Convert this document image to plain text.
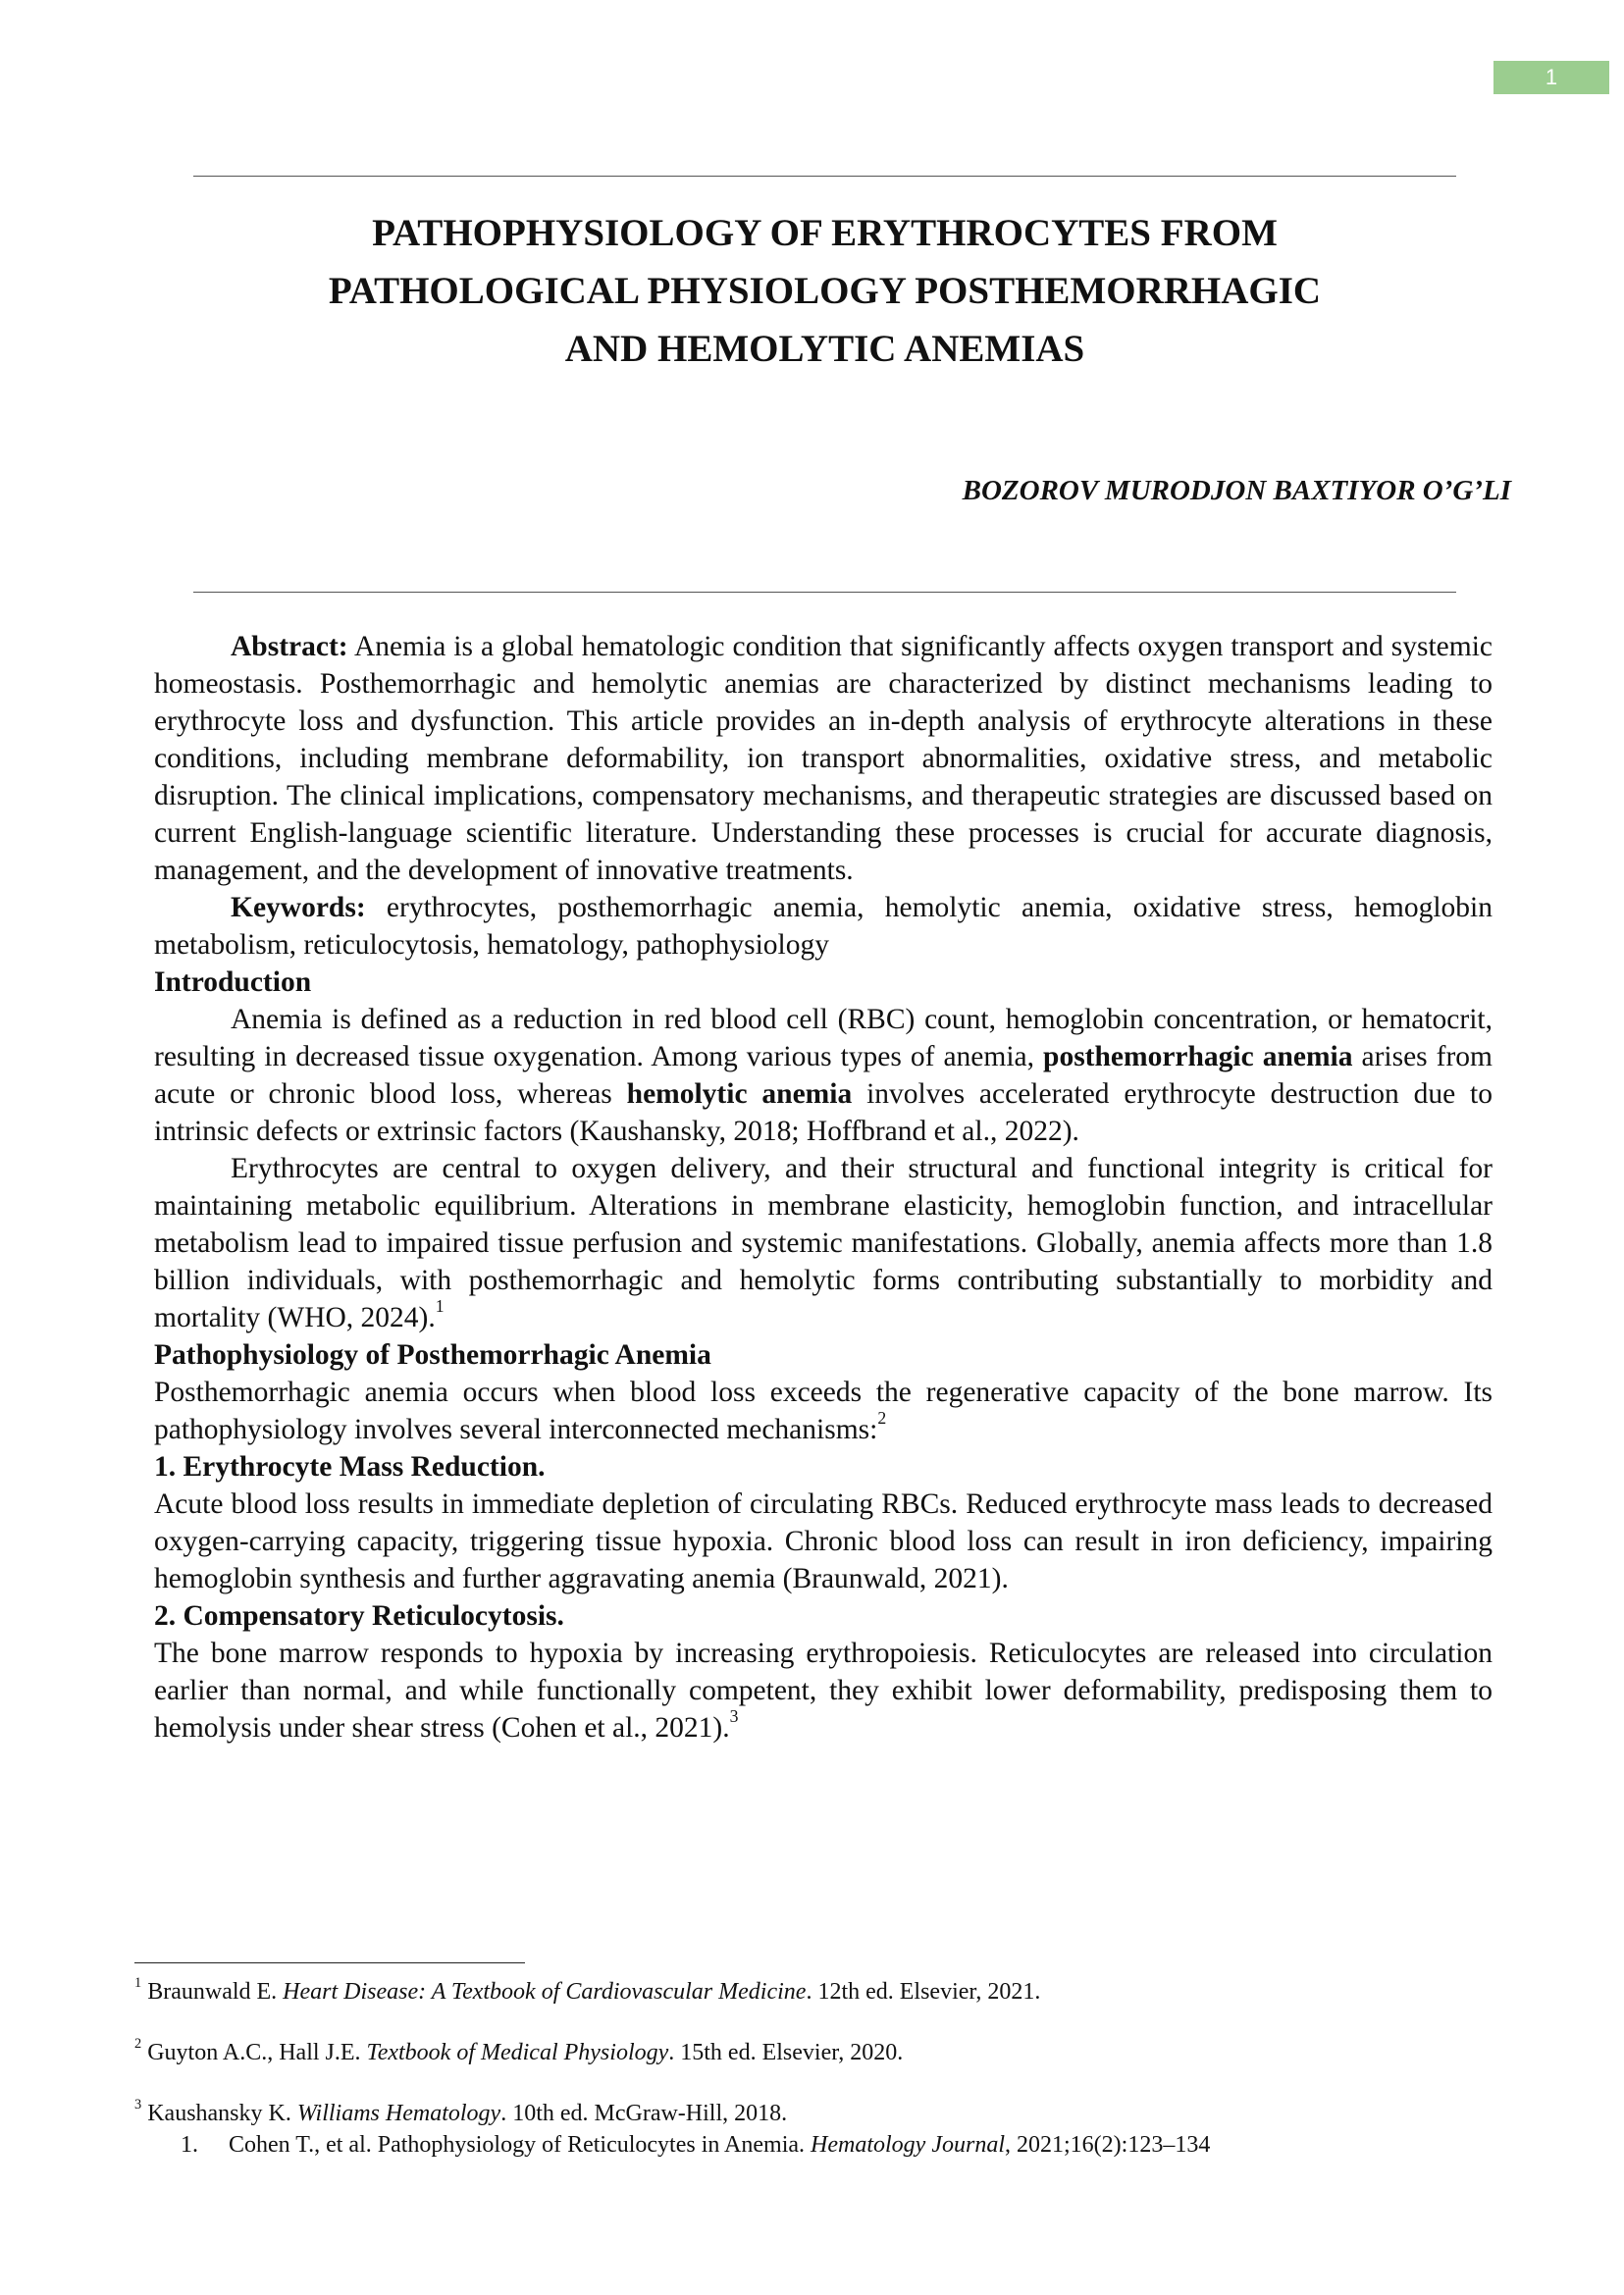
1
PATHOPHYSIOLOGY OF ERYTHROCYTES FROM
PATHOLOGICAL PHYSIOLOGY POSTHEMORRHAGIC
AND HEMOLYTIC ANEMIAS
BOZOROV MURODJON BAXTIYOR O’G’LI

Abstract: Anemia is a global hematologic condition that significantly affects oxygen transport and systemic homeostasis. Posthemorrhagic and hemolytic anemias are characterized by distinct mechanisms leading to erythrocyte loss and dysfunction. This article provides an in-depth analysis of erythrocyte alterations in these conditions, including membrane deformability, ion transport abnormalities, oxidative stress, and metabolic disruption. The clinical implications, compensatory mechanisms, and therapeutic strategies are discussed based on current English-language scientific literature. Understanding these processes is crucial for accurate diagnosis, management, and the development of innovative treatments.

Keywords: erythrocytes, posthemorrhagic anemia, hemolytic anemia, oxidative stress, hemoglobin metabolism, reticulocytosis, hematology, pathophysiology

Introduction

Anemia is defined as a reduction in red blood cell (RBC) count, hemoglobin concentration, or hematocrit, resulting in decreased tissue oxygenation. Among various types of anemia, posthemorrhagic anemia arises from acute or chronic blood loss, whereas hemolytic anemia involves accelerated erythrocyte destruction due to intrinsic defects or extrinsic factors (Kaushansky, 2018; Hoffbrand et al., 2022).

Erythrocytes are central to oxygen delivery, and their structural and functional integrity is critical for maintaining metabolic equilibrium. Alterations in membrane elasticity, hemoglobin function, and intracellular metabolism lead to impaired tissue perfusion and systemic manifestations. Globally, anemia affects more than 1.8 billion individuals, with posthemorrhagic and hemolytic forms contributing substantially to morbidity and mortality (WHO, 2024).$^1$

Pathophysiology of Posthemorrhagic Anemia

Posthemorrhagic anemia occurs when blood loss exceeds the regenerative capacity of the bone marrow. Its pathophysiology involves several interconnected mechanisms:$^2$

1. Erythrocyte Mass Reduction.

Acute blood loss results in immediate depletion of circulating RBCs. Reduced erythrocyte mass leads to decreased oxygen-carrying capacity, triggering tissue hypoxia. Chronic blood loss can result in iron deficiency, impairing hemoglobin synthesis and further aggravating anemia (Braunwald, 2021).

2. Compensatory Reticulocytosis.

The bone marrow responds to hypoxia by increasing erythropoiesis. Reticulocytes are released into circulation earlier than normal, and while functionally competent, they exhibit lower deformability, predisposing them to hemolysis under shear stress (Cohen et al., 2021).$^3$

$^1$ Braunwald E. Heart Disease: A Textbook of Cardiovascular Medicine. 12th ed. Elsevier, 2021.

$^2$ Guyton A.C., Hall J.E. Textbook of Medical Physiology. 15th ed. Elsevier, 2020.

$^3$ Kaushansky K. Williams Hematology. 10th ed. McGraw-Hill, 2018.

1. Cohen T., et al. Pathophysiology of Reticulocytes in Anemia. Hematology Journal, 2021;16(2):123–134
